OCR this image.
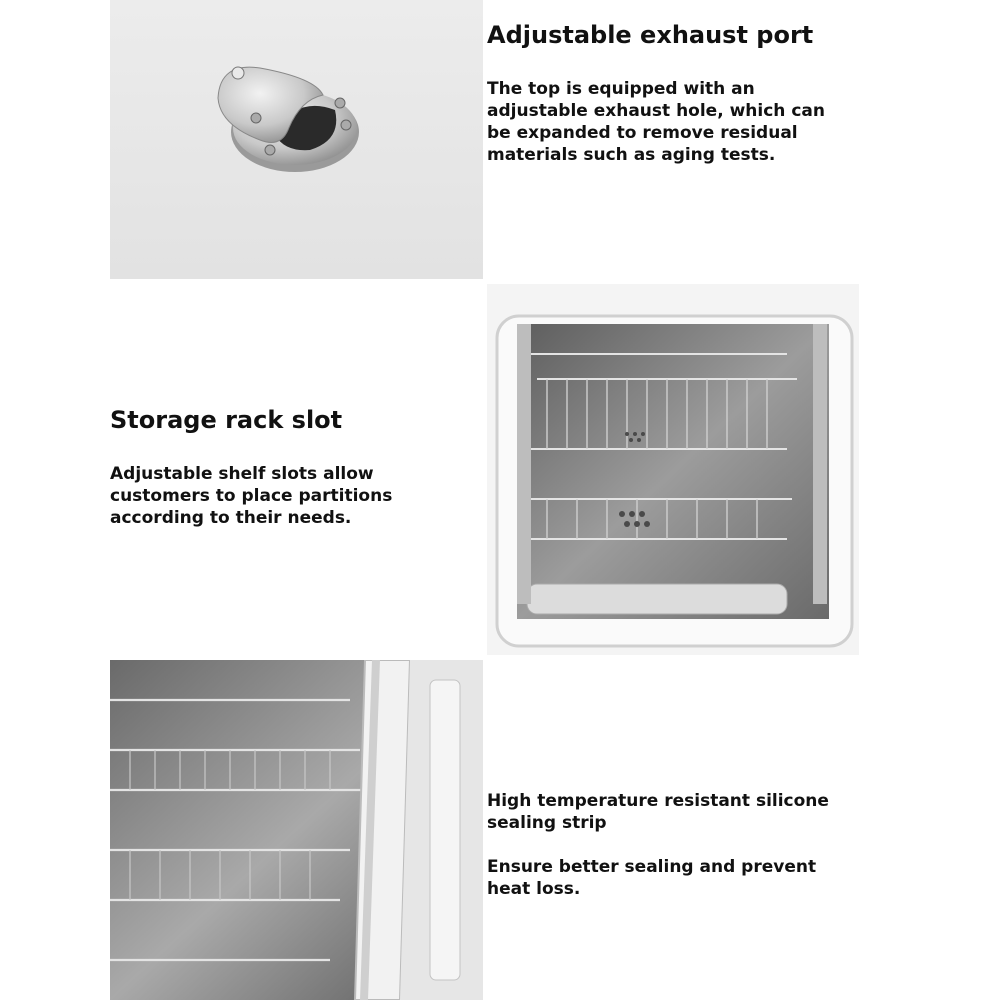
Adjustable exhaust port

The top is equipped with an adjustable exhaust hole, which can be expanded to remove residual materials such as aging tests.

Storage rack slot

Adjustable shelf slots allow customers to place partitions according to their needs.

High temperature resistant silicone sealing strip

Ensure better sealing and prevent heat loss.
